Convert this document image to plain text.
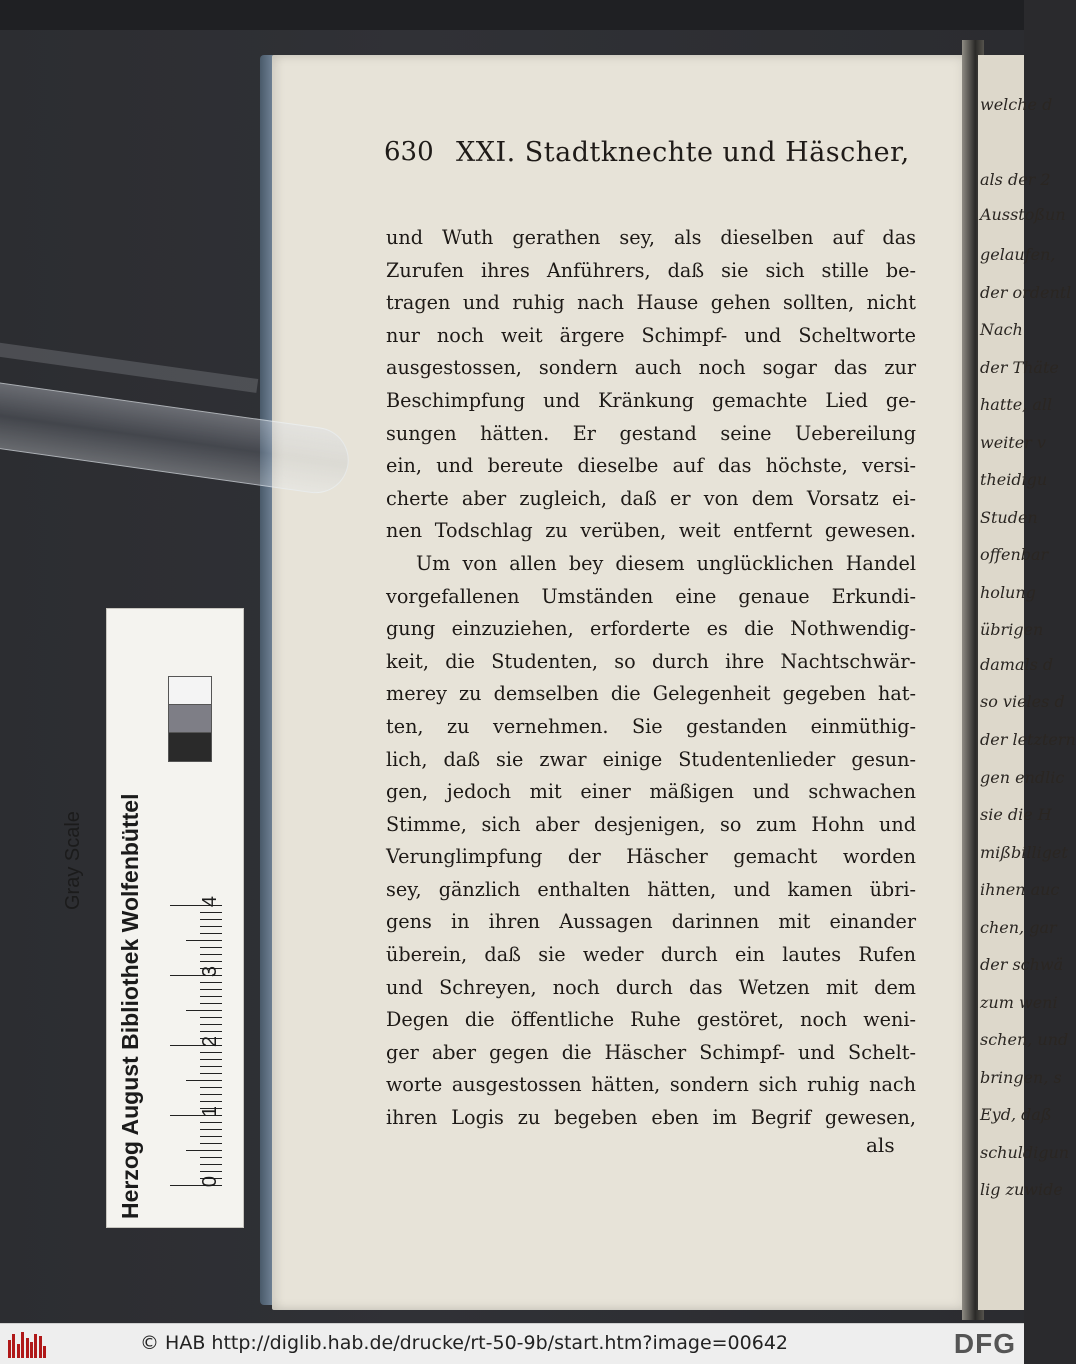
welche d
als der 2
Ausstoßun
gelaufen,
der ordentl
Nach
der Thäte
hatte, all
weiter v
theidigu
Studen
offenbar
holung
übrigen
damals d
so vieles d
der letztern
gen endlic
sie die H
mißbilliget
ihnen auc
chen, gar
der schwä
zum weni
schen, und
bringen, s
Eyd, daß
schuldigun
lig zuwide
630 XXI. Stadtknechte und Häscher,
und Wuth gerathen sey, als dieselben auf das
Zurufen ihres Anführers, daß sie sich stille be-
tragen und ruhig nach Hause gehen sollten, nicht
nur noch weit ärgere Schimpf- und Scheltworte
ausgestossen, sondern auch noch sogar das zur
Beschimpfung und Kränkung gemachte Lied ge-
sungen hätten. Er gestand seine Uebereilung
ein, und bereute dieselbe auf das höchste, versi-
cherte aber zugleich, daß er von dem Vorsatz ei-
nen Todschlag zu verüben, weit entfernt gewesen.
Um von allen bey diesem unglücklichen Handel
vorgefallenen Umständen eine genaue Erkundi-
gung einzuziehen, erforderte es die Nothwendig-
keit, die Studenten, so durch ihre Nachtschwär-
merey zu demselben die Gelegenheit gegeben hat-
ten, zu vernehmen. Sie gestanden einmüthig-
lich, daß sie zwar einige Studentenlieder gesun-
gen, jedoch mit einer mäßigen und schwachen
Stimme, sich aber desjenigen, so zum Hohn und
Verunglimpfung der Häscher gemacht worden
sey, gänzlich enthalten hätten, und kamen übri-
gens in ihren Aussagen darinnen mit einander
überein, daß sie weder durch ein lautes Rufen
und Schreyen, noch durch das Wetzen mit dem
Degen die öffentliche Ruhe gestöret, noch weni-
ger aber gegen die Häscher Schimpf- und Schelt-
worte ausgestossen hätten, sondern sich ruhig nach
ihren Logis zu begeben eben im Begrif gewesen,
als
Herzog August Bibliothek Wolfenbüttel
Gray Scale
0
1
2
3
4
© HAB http://diglib.hab.de/drucke/rt-50-9b/start.htm?image=00642	DFG
